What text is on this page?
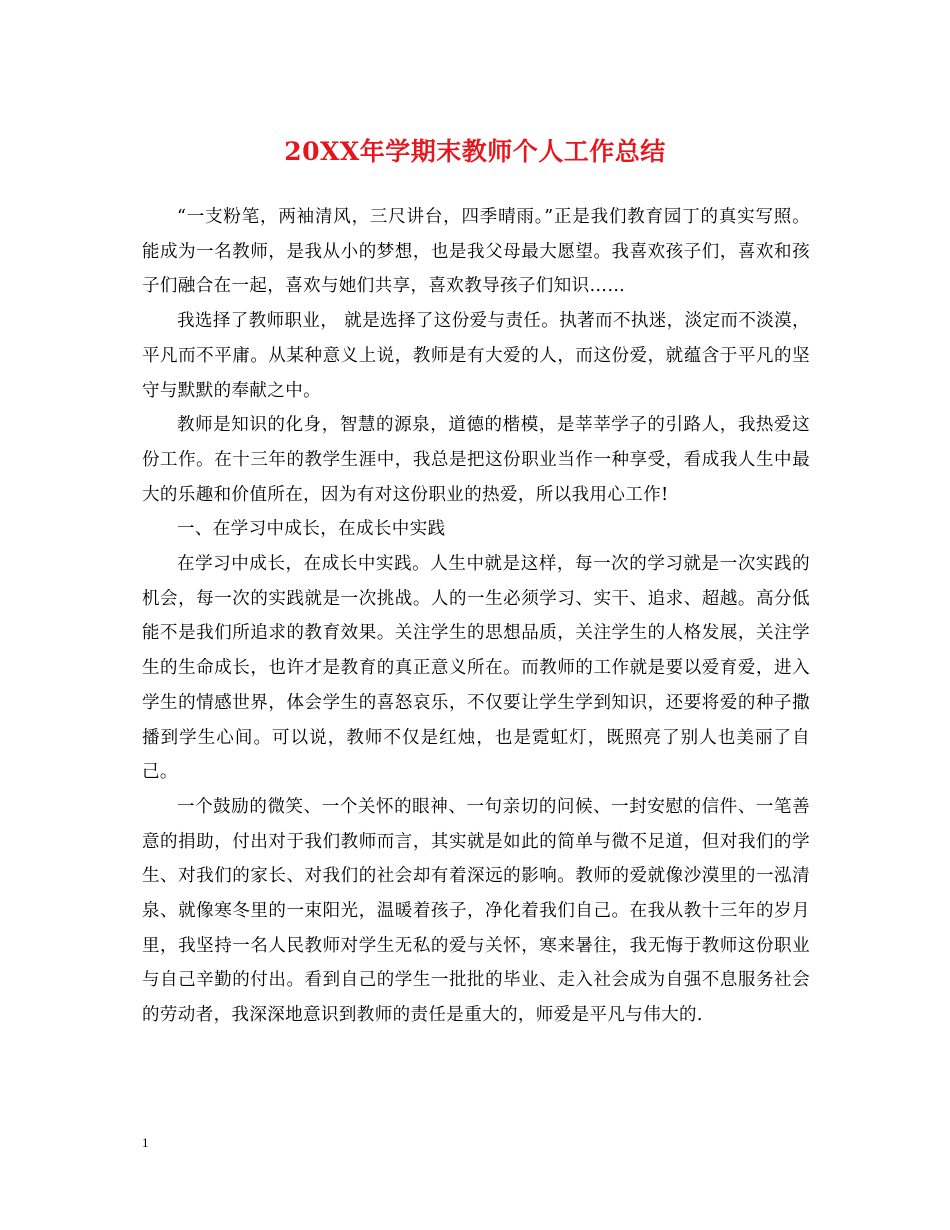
20XX年学期末教师个人工作总结

“一支粉笔，两袖清风，三尺讲台，四季晴雨。”正是我们教育园丁的真实写照。能成为一名教师，是我从小的梦想，也是我父母最大愿望。我喜欢孩子们，喜欢和孩子们融合在一起，喜欢与她们共享，喜欢教导孩子们知识……

我选择了教师职业， 就是选择了这份爱与责任。执著而不执迷，淡定而不淡漠，平凡而不平庸。从某种意义上说，教师是有大爱的人，而这份爱，就蕴含于平凡的坚守与默默的奉献之中。

教师是知识的化身，智慧的源泉，道德的楷模，是莘莘学子的引路人，我热爱这份工作。在十三年的教学生涯中，我总是把这份职业当作一种享受，看成我人生中最大的乐趣和价值所在，因为有对这份职业的热爱，所以我用心工作!

一、在学习中成长，在成长中实践

在学习中成长，在成长中实践。人生中就是这样，每一次的学习就是一次实践的机会，每一次的实践就是一次挑战。人的一生必须学习、实干、追求、超越。高分低能不是我们所追求的教育效果。关注学生的思想品质，关注学生的人格发展，关注学生的生命成长，也许才是教育的真正意义所在。而教师的工作就是要以爱育爱，进入学生的情感世界，体会学生的喜怒哀乐，不仅要让学生学到知识，还要将爱的种子撒播到学生心间。可以说，教师不仅是红烛，也是霓虹灯，既照亮了别人也美丽了自己。

一个鼓励的微笑、一个关怀的眼神、一句亲切的问候、一封安慰的信件、一笔善意的捐助，付出对于我们教师而言，其实就是如此的简单与微不足道，但对我们的学生、对我们的家长、对我们的社会却有着深远的影响。教师的爱就像沙漠里的一泓清泉、就像寒冬里的一束阳光，温暖着孩子，净化着我们自己。在我从教十三年的岁月里，我坚持一名人民教师对学生无私的爱与关怀，寒来暑往，我无悔于教师这份职业与自己辛勤的付出。看到自己的学生一批批的毕业、走入社会成为自强不息服务社会的劳动者，我深深地意识到教师的责任是重大的，师爱是平凡与伟大的.

1
